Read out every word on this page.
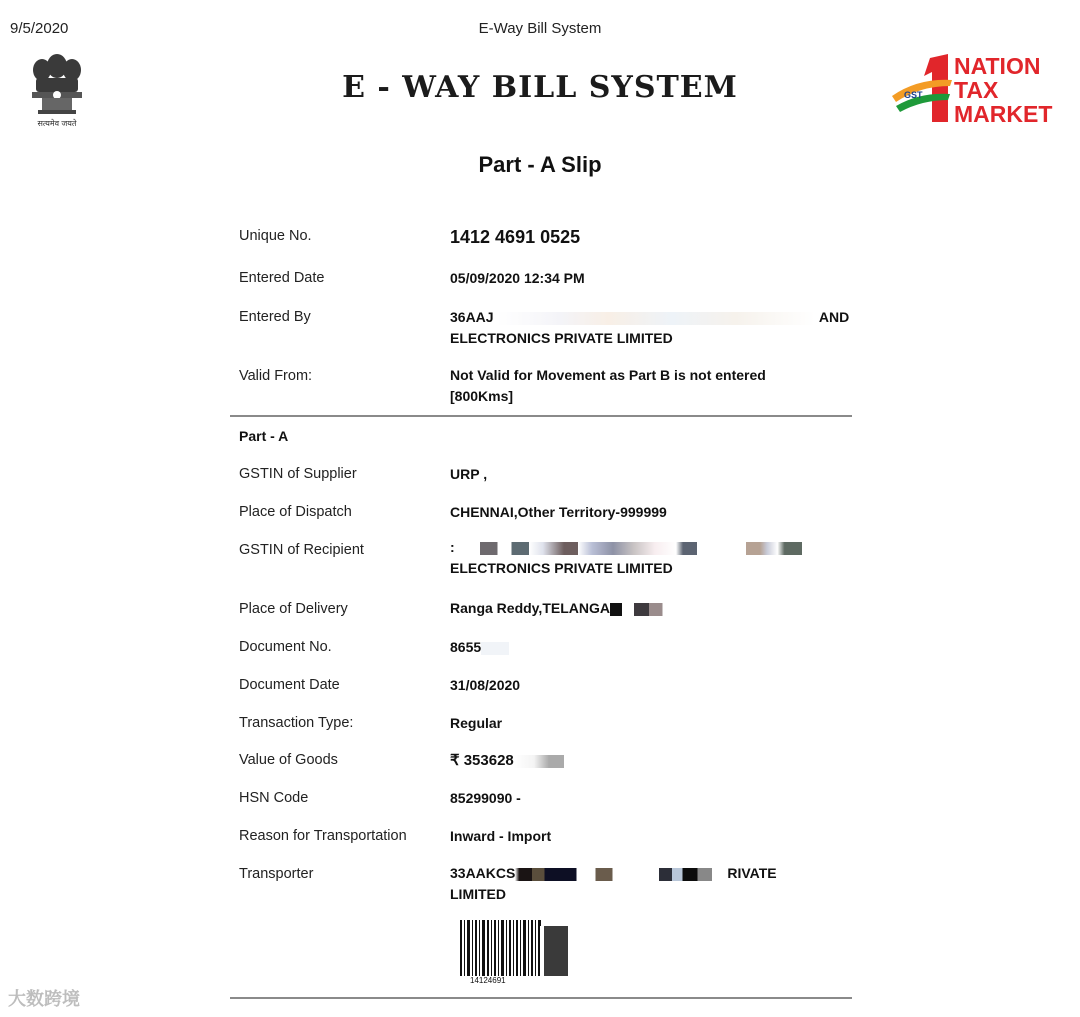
9/5/2020	E-Way Bill System
सत्यमेव जयते
E - WAY BILL SYSTEM	GST
NATION
TAX
MARKET
Part - A Slip
Unique No.	1412 4691 0525
Entered Date	05/09/2020 12:34 PM
Entered By	36AAJ	AND
ELECTRONICS PRIVATE LIMITED
Valid From:	Not Valid for Movement as Part B is not entered [800Kms]
Part - A
GSTIN of Supplier	URP ,
Place of Dispatch	CHENNAI,Other Territory-999999
GSTIN of Recipient	:
ELECTRONICS PRIVATE LIMITED
Place of Delivery	Ranga Reddy,TELANGA
Document No.	8655
Document Date	31/08/2020
Transaction Type:	Regular
Value of Goods	₹ 353628
HSN Code	85299090 -
Reason for Transportation	Inward - Import
Transporter	33AAKCS	RIVATE
LIMITED
14124691
大数跨境
